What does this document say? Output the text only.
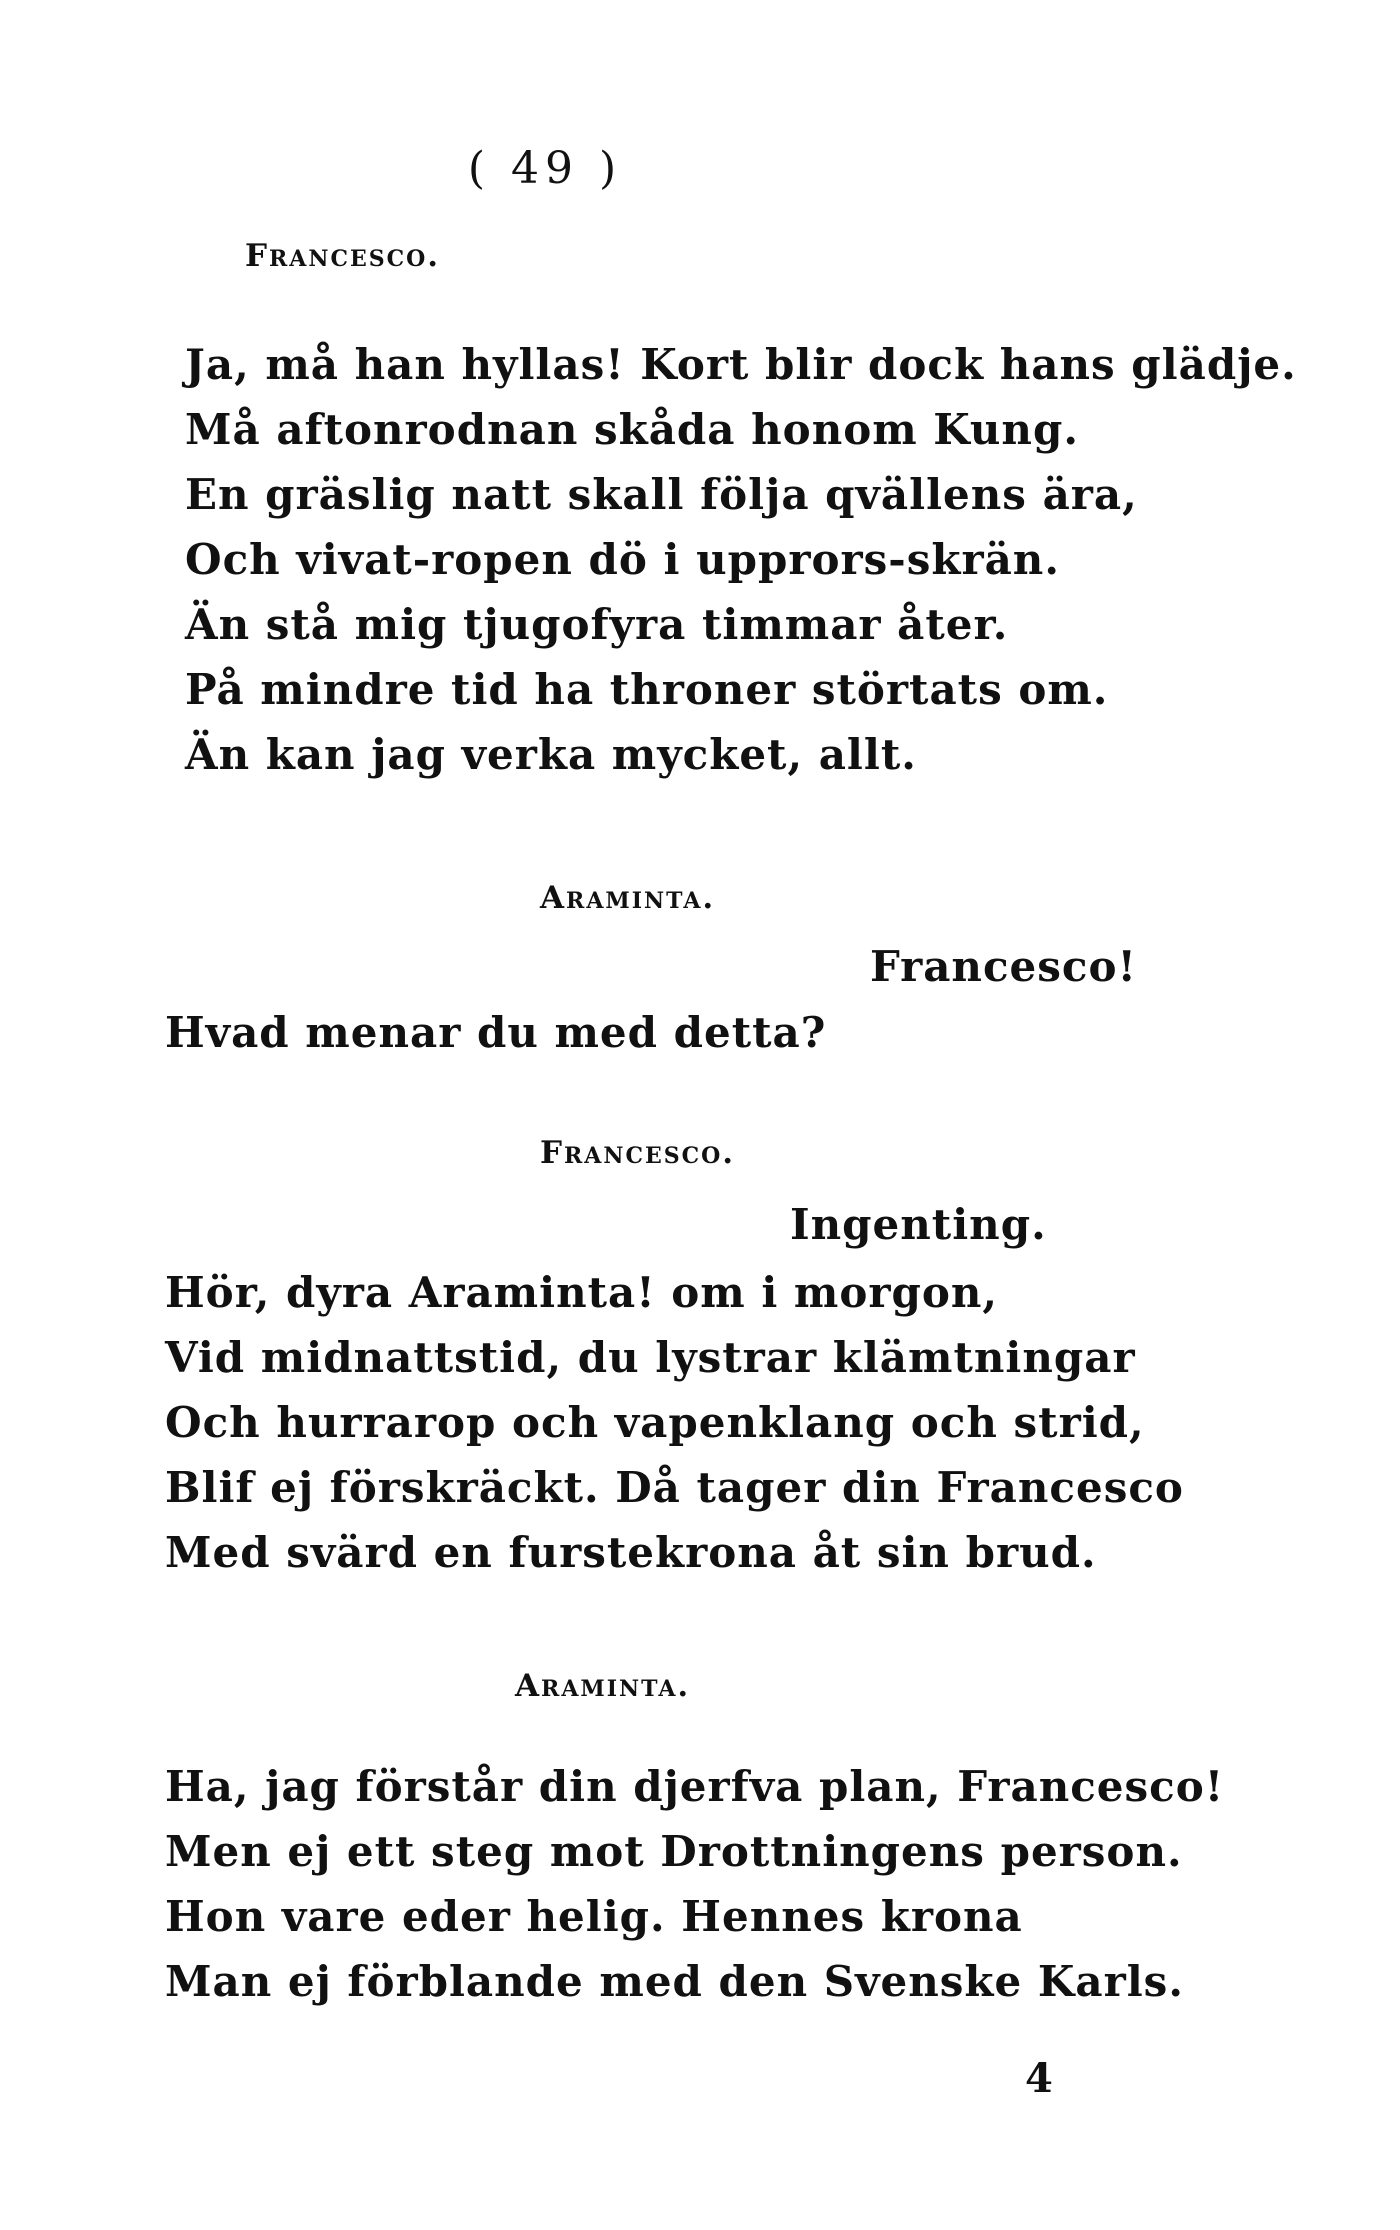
( 49 )
Francesco.
Ja, må han hyllas! Kort blir dock hans glädje.
Må aftonrodnan skåda honom Kung.
En gräslig natt skall följa qvällens ära,
Och vivat-ropen dö i upprors-skrän.
Än stå mig tjugofyra timmar åter.
På mindre tid ha throner störtats om.
Än kan jag verka mycket, allt.
Araminta.
Francesco!
Hvad menar du med detta?
Francesco.
Ingenting.
Hör, dyra Araminta! om i morgon,
Vid midnattstid, du lystrar klämtningar
Och hurrarop och vapenklang och strid,
Blif ej förskräckt. Då tager din Francesco
Med svärd en furstekrona åt sin brud.
Araminta.
Ha, jag förstår din djerfva plan, Francesco!
Men ej ett steg mot Drottningens person.
Hon vare eder helig. Hennes krona
Man ej förblande med den Svenske Karls.
4
